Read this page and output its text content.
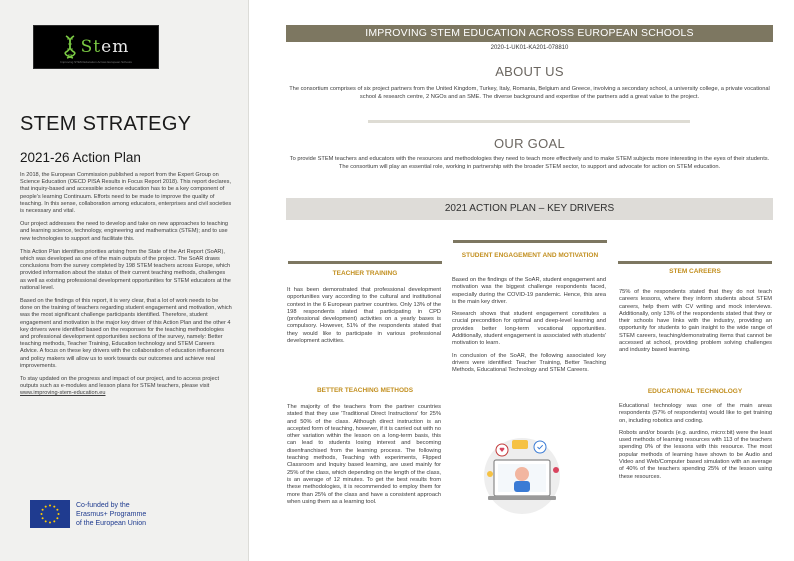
Stem
Improving STEM Education Across European Schools
STEM STRATEGY
2021-26 Action Plan

In 2018, the European Commission published a report from the Expert Group on Science Education (OECD PISA Results in Focus Report 2018). This report declares, that inquiry-based and accessible science education has to be a key component of people's learning Continuum. Efforts need to be made to improve the quality of teaching. In this sense, collaboration among educators, enterprises and civil societies is necessary and vital.

Our project addresses the need to develop and take on new approaches to teaching and learning science, technology, engineering and mathematics (STEM); and to use new technologies to support and facilitate this.

This Action Plan identifies priorities arising from the State of the Art Report (SoAR), which was developed as one of the main outputs of the project. The SoAR draws conclusions from the survey completed by 198 STEM teachers across Europe, which provided information about the status of their current teaching methods, challenges as well as existing professional development opportunities for STEM educators at the national level.

Based on the findings of this report, it is very clear, that a lot of work needs to be done on the training of teachers regarding student engagement and motivation, which was the most significant challenge participants identified. Therefore, student engagement and motivation is the major key driver of this Action Plan and the other 4 key drivers were identified based on the responses for the teaching methodologies and professional development opportunities sections of the survey, namely: Better teaching methods, Teacher Training, Education technology and STEM Careers Advice. A focus on these key drivers with the collaboration of education influencers and policy makers will allow us to work towards our outcomes and achieve real improvements.

To stay updated on the progress and impact of our project, and to access project outputs such as e-modules and lesson plans for STEM teachers, please visit www.improving-stem-education.eu

Co-funded by the
Erasmus+ Programme
of the European Union
IMPROVING STEM EDUCATION ACROSS EUROPEAN SCHOOLS
2020-1-UK01-KA201-078810
ABOUT US
The consortium comprises of six project partners from the United Kingdom, Turkey, Italy, Romania, Belgium and Greece, involving a secondary school, a university college, a private vocational school & research centre, 2 NGOs and an SME. The diverse background and expertise of the partners add a great value to the project.
OUR GOAL
To provide STEM teachers and educators with the resources and methodologies they need to teach more effectively and to make STEM subjects more interesting in the eyes of their students. The consortium will play an essential role, working in partnership with the broader STEM sector, to support and advocate for action on STEM education.
2021 ACTION PLAN – KEY DRIVERS
TEACHER TRAINING
It has been demonstrated that professional development opportunities vary according to the cultural and institutional context in the 6 European partner countries. Only 13% of the 198 respondents stated that participating in CPD (professional development) activities on a yearly bases is compulsory. However, 51% of the respondents stated that they would like to participate in various professional development activities.
BETTER TEACHING METHODS
The majority of the teachers from the partner countries stated that they use 'Traditional Direct Instructions' for 25% and 50% of the class. Although direct instruction is an accepted form of teaching, however, if it is carried out with no other variation within the lesson on a long-term basis, this can lead to students losing interest and becoming disenfranchised from the learning process. The following teaching methods, Teaching with experiments, Flipped Classroom and Inquiry based learning, are used mainly for 25% of the class, which depending on the length of the class, is an average of 12 minutes. To get the best results from these methodologies, it is recommended to employ them for more than 25% of the class and have a consistent approach when using them as a learning tool.
STUDENT ENGAGEMENT AND MOTIVATION

Based on the findings of the SoAR, student engagement and motivation was the biggest challenge respondents faced, especially during the COVID-19 pandemic. Hence, this area is the main key driver.

Research shows that student engagement constitutes a crucial precondition for optimal and deep-level learning and provides better long-term vocational opportunities. Additionally, student engagement is associated with students' motivation to learn.

In conclusion of the SoAR, the following associated key drivers were identified: Teacher Training, Better Teaching Methods, Educational Technology and STEM Careers.

STEM CAREERS
75% of the respondents stated that they do not teach careers lessons, where they inform students about STEM careers, help them with CV writing and mock interviews. Additionally, only 13% of the respondents stated that they or their schools have links with the industry, providing an opportunity for students to gain insight to the wide range of STEM careers, teaching/demonstrating items that cannot be accessed at school, providing problem solving challenges and industry based learning.
EDUCATIONAL TECHNOLOGY

Educational technology was one of the main areas respondents (57% of respondents) would like to get training on, including robotics and coding.

Robots and/or boards (e.g. aurdino, micro:bit) were the least used methods of learning resources with 113 of the teachers spending 0% of the lessons with this resource. The most popular methods of learning have shown to be Audio and Video and Web/Computer based simulation with an average of 40% of the teachers spending 25% of the lesson using these resources.
